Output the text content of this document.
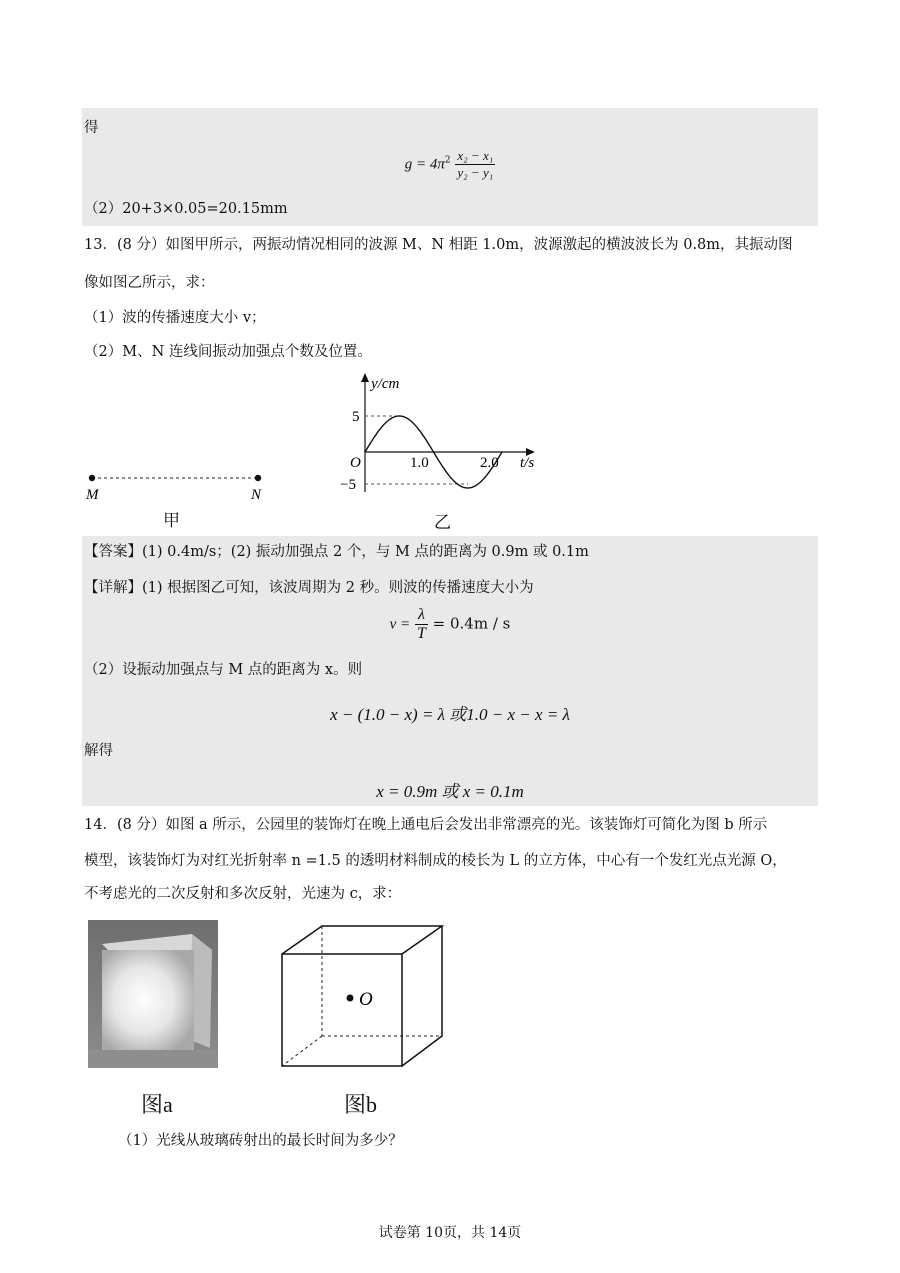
得
$g = 4\pi^2 \frac{\text{x₂ − x₁}}{\text{y₂ − y₁}}$
（2）20+3×0.05=20.15mm
13．(8 分）如图甲所示，两振动情况相同的波源 M、N 相距 1.0m，波源激起的横波波长为 0.8m，其振动图
像如图乙所示，求：
（1）波的传播速度大小 v；
（2）M、N 连线间振动加强点个数及位置。
M	N
甲
y/cm
5
−5
O	1.0	2.0 t/s
乙
【答案】(1) 0.4m/s；(2) 振动加强点 2 个，与 M 点的距离为 0.9m 或 0.1m
【详解】(1) 根据图乙可知，该波周期为 2 秒。则波的传播速度大小为
$v = \frac{\lambda}{T} = 0.4m / s$
（2）设振动加强点与 M 点的距离为 x。则
x − (1.0 − x) = λ 或1.0 − x − x = λ
解得
x = 0.9m 或 x = 0.1m
14．(8 分）如图 a 所示，公园里的装饰灯在晚上通电后会发出非常漂亮的光。该装饰灯可简化为图 b 所示
模型，该装饰灯为对红光折射率 n =1.5 的透明材料制成的棱长为 L 的立方体，中心有一个发红光点光源 O，
不考虑光的二次反射和多次反射，光速为 c，求：
图a
O
图b
（1）光线从玻璃砖射出的最长时间为多少？
试卷第 10页，共 14页
